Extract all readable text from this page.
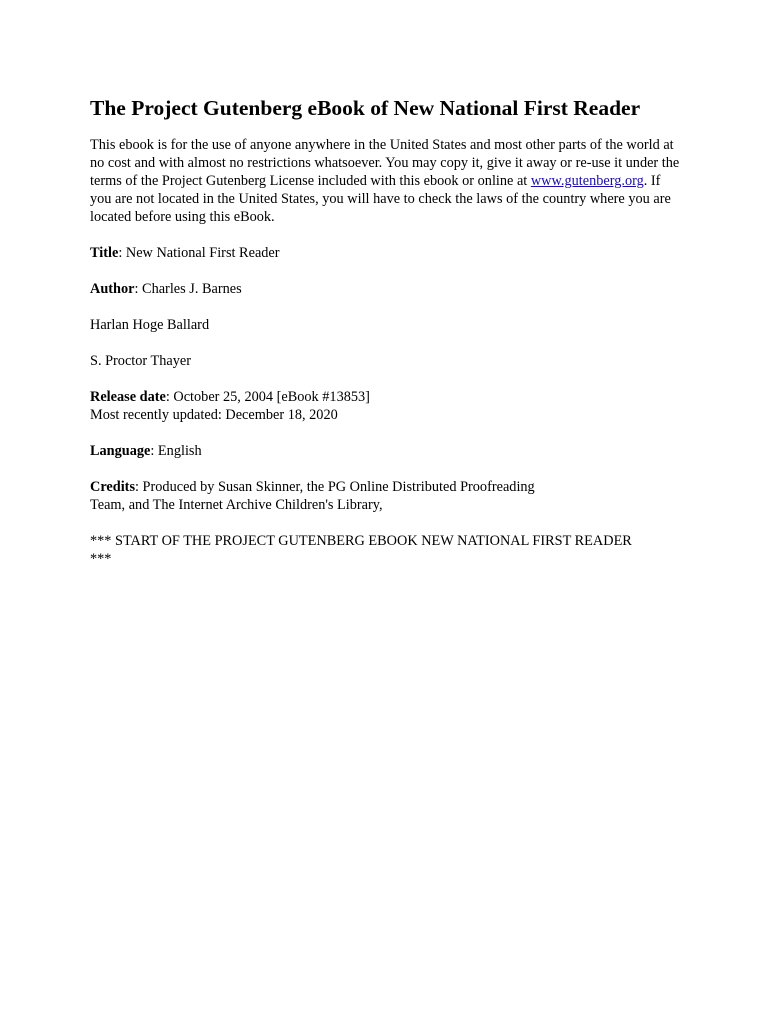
The Project Gutenberg eBook of New National First Reader

This ebook is for the use of anyone anywhere in the United States and most other parts of the world at no cost and with almost no restrictions whatsoever. You may copy it, give it away or re-use it under the terms of the Project Gutenberg License included with this ebook or online at www.gutenberg.org. If you are not located in the United States, you will have to check the laws of the country where you are located before using this eBook.

Title: New National First Reader

Author: Charles J. Barnes

Harlan Hoge Ballard

S. Proctor Thayer

Release date: October 25, 2004 [eBook #13853]
Most recently updated: December 18, 2020

Language: English

Credits: Produced by Susan Skinner, the PG Online Distributed Proofreading
Team, and The Internet Archive Children's Library,

*** START OF THE PROJECT GUTENBERG EBOOK NEW NATIONAL FIRST READER
***
